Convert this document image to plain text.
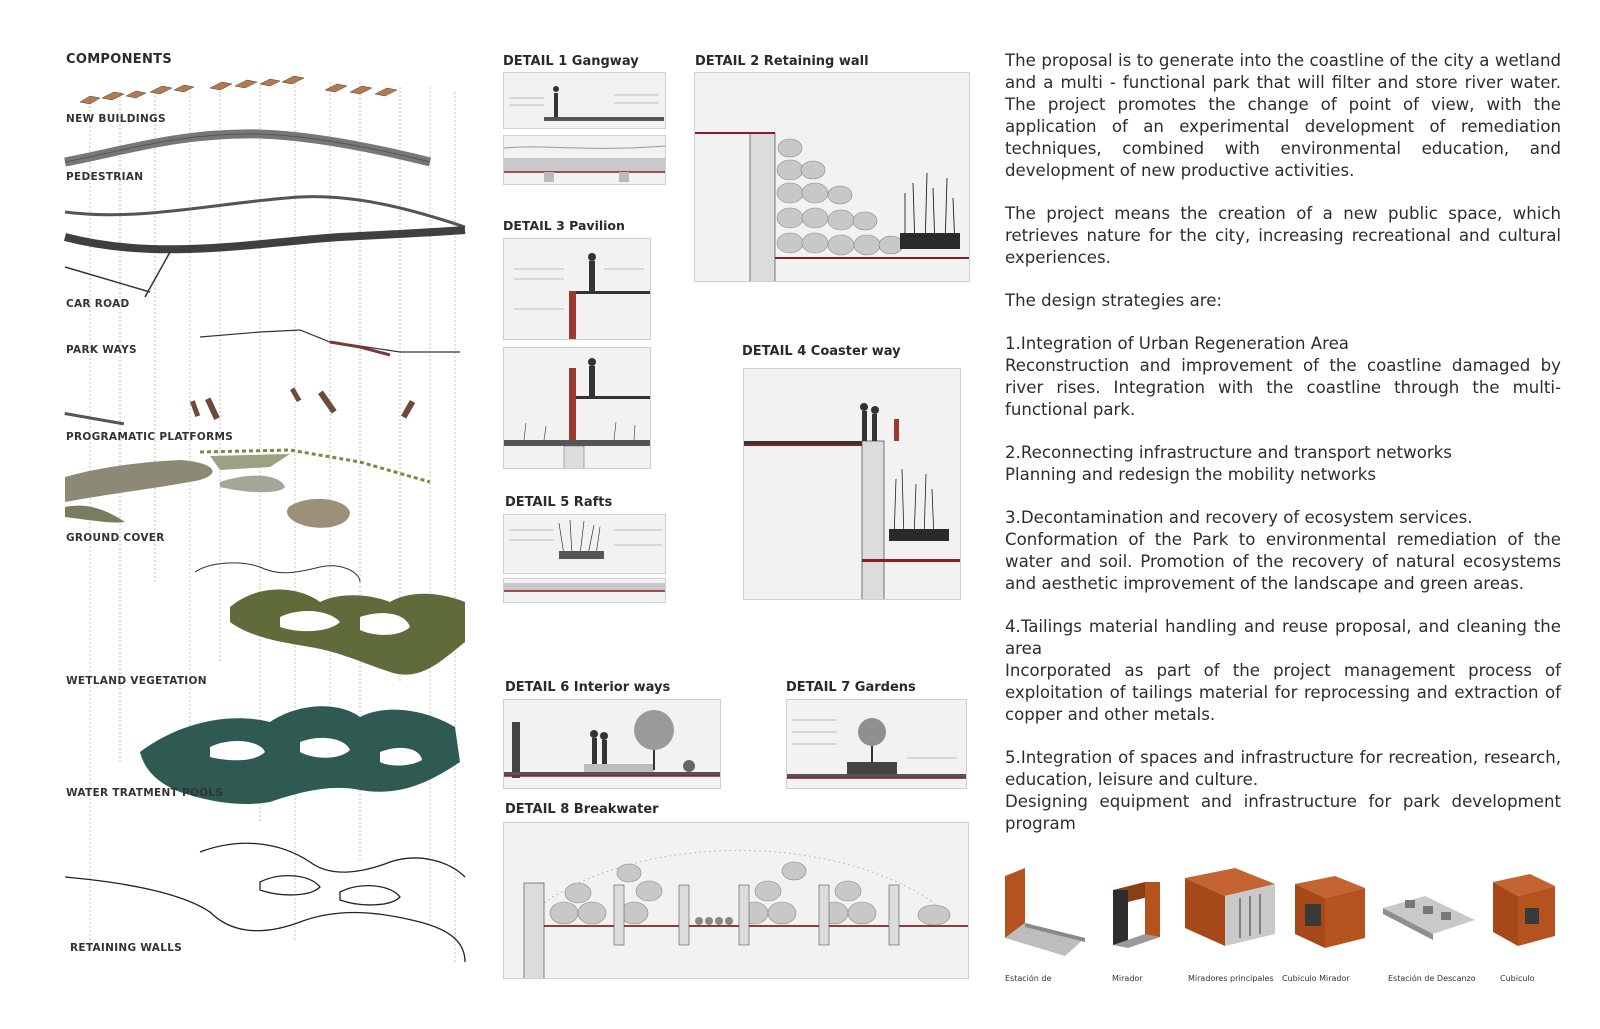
COMPONENTS
NEW BUILDINGS
PEDESTRIAN
CAR ROAD
PARK WAYS
PROGRAMATIC PLATFORMS
GROUND COVER
WETLAND VEGETATION
WATER TRATMENT POOLS
RETAINING WALLS
DETAIL 1 Gangway	DETAIL 2 Retaining wall
DETAIL 3 Pavilion
DETAIL 4 Coaster way
DETAIL 5 Rafts
DETAIL 6 Interior ways	DETAIL 7 Gardens
DETAIL 8 Breakwater

The proposal is to generate into the coastline of the city a wetland and a multi - functional park that will filter and store river water. The project promotes the change of point of view, with the application of an experimental development of remediation techniques, combined with environmental education, and development of new productive activities.

The project means the creation of a new public space, which retrieves nature for the city, increasing recreational and cultural experiences.

The design strategies are:

1.Integration of Urban Regeneration Area
Reconstruction and improvement of the coastline damaged by river rises. Integration with the coastline through the multi-functional park.
2.Reconnecting infrastructure and transport networks
Planning and redesign the mobility networks
3.Decontamination and recovery of ecosystem services.
Conformation of the Park to environmental remediation of the water and soil. Promotion of the recovery of natural ecosystems and aesthetic improvement of the landscape and green areas.
4.Tailings material handling and reuse proposal, and cleaning the area
Incorporated as part of the project management process of exploitation of tailings material for reprocessing and extraction of copper and other metals.
5.Integration of spaces and infrastructure for recreation, research, education, leisure and culture.
Designing equipment and infrastructure for park development program
Estación de	Mirador	Miradores principales Cubiculo Mirador	Estación de Descanzo	Cubiculo
